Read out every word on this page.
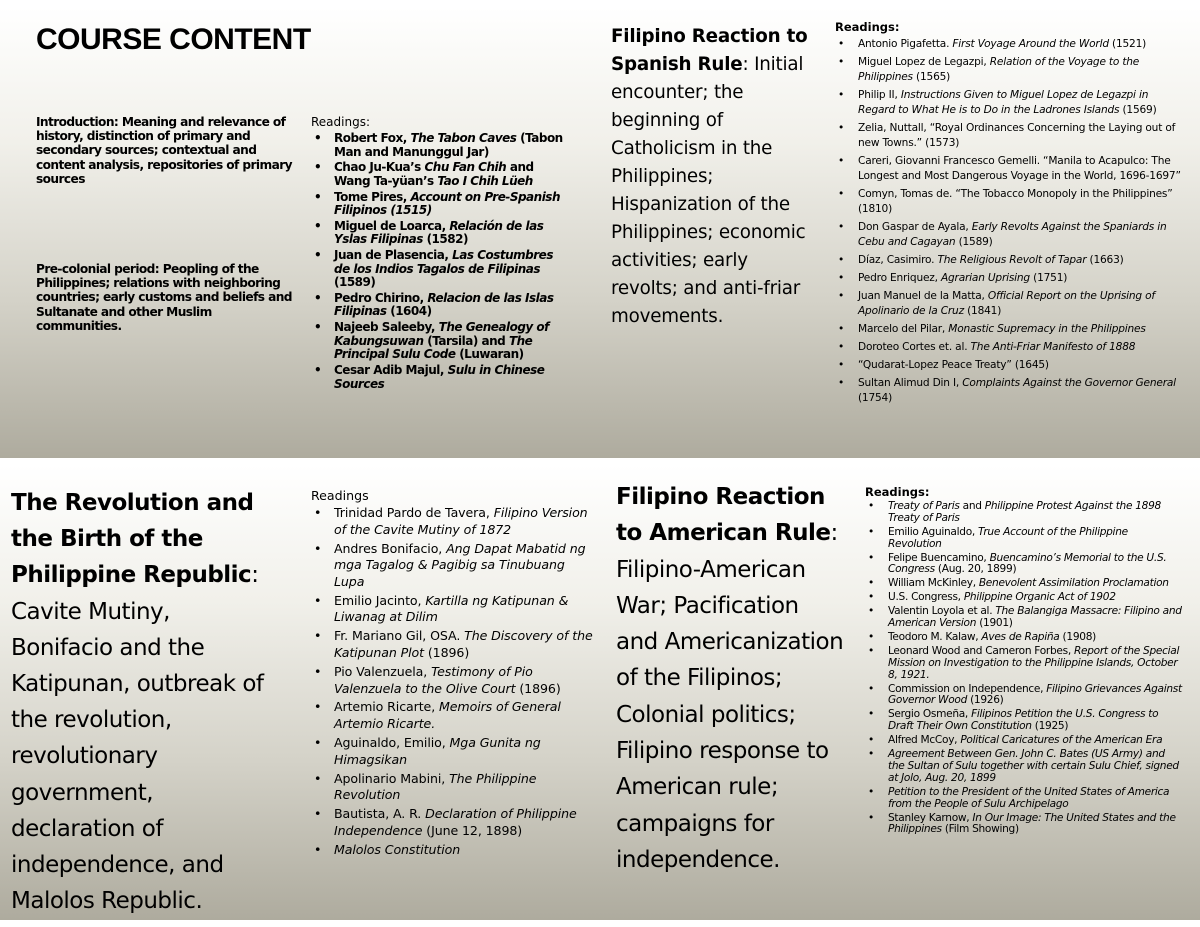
COURSE CONTENT
Introduction: Meaning and relevance of history, distinction of primary and secondary sources; contextual and content analysis, repositories of primary sources
Pre-colonial period: Peopling of the Philippines; relations with neighboring countries; early customs and beliefs and Sultanate and other Muslim communities.
Readings:
• Robert Fox, The Tabon Caves (Tabon Man and Manunggul Jar)
• Chao Ju-Kua’s Chu Fan Chih and Wang Ta-yüan’s Tao I Chih Lüeh
• Tome Pires, Account on Pre-Spanish Filipinos (1515)
• Miguel de Loarca, Relación de las Yslas Filipinas (1582)
• Juan de Plasencia, Las Costumbres de los Indios Tagalos de Filipinas (1589)
• Pedro Chirino, Relacion de las Islas Filipinas (1604)
• Najeeb Saleeby, The Genealogy of Kabungsuwan (Tarsila) and The Principal Sulu Code (Luwaran)
• Cesar Adib Majul, Sulu in Chinese Sources

Filipino Reaction to Spanish Rule: Initial encounter; the beginning of Catholicism in the Philippines; Hispanization of the Philippines; economic activities; early revolts; and anti-friar movements.

Readings:
• Antonio Pigafetta. First Voyage Around the World (1521)
• Miguel Lopez de Legazpi, Relation of the Voyage to the Philippines (1565)
• Philip II, Instructions Given to Miguel Lopez de Legazpi in Regard to What He is to Do in the Ladrones Islands (1569)
• Zelia, Nuttall, “Royal Ordinances Concerning the Laying out of new Towns.” (1573)
• Careri, Giovanni Francesco Gemelli. “Manila to Acapulco: The Longest and Most Dangerous Voyage in the World, 1696-1697”
• Comyn, Tomas de. “The Tobacco Monopoly in the Philippines” (1810)
• Don Gaspar de Ayala, Early Revolts Against the Spaniards in Cebu and Cagayan (1589)
• Díaz, Casimiro. The Religious Revolt of Tapar (1663)
• Pedro Enriquez, Agrarian Uprising (1751)
• Juan Manuel de la Matta, Official Report on the Uprising of Apolinario de la Cruz (1841)
• Marcelo del Pilar, Monastic Supremacy in the Philippines
• Doroteo Cortes et. al. The Anti-Friar Manifesto of 1888
• “Qudarat-Lopez Peace Treaty” (1645)
• Sultan Alimud Din I, Complaints Against the Governor General (1754)

The Revolution and the Birth of the Philippine Republic: Cavite Mutiny, Bonifacio and the Katipunan, outbreak of the revolution, revolutionary government, declaration of independence, and Malolos Republic.

Readings
• Trinidad Pardo de Tavera, Filipino Version of the Cavite Mutiny of 1872
• Andres Bonifacio, Ang Dapat Mabatid ng mga Tagalog & Pagibig sa Tinubuang Lupa
• Emilio Jacinto, Kartilla ng Katipunan & Liwanag at Dilim
• Fr. Mariano Gil, OSA. The Discovery of the Katipunan Plot (1896)
• Pio Valenzuela, Testimony of Pio Valenzuela to the Olive Court (1896)
• Artemio Ricarte, Memoirs of General Artemio Ricarte.
• Aguinaldo, Emilio, Mga Gunita ng Himagsikan
• Apolinario Mabini, The Philippine Revolution
• Bautista, A. R. Declaration of Philippine Independence (June 12, 1898)
• Malolos Constitution

Filipino Reaction to American Rule: Filipino-American War; Pacification and Americanization of the Filipinos; Colonial politics; Filipino response to American rule; campaigns for independence.

Readings:
• Treaty of Paris and Philippine Protest Against the 1898 Treaty of Paris
• Emilio Aguinaldo, True Account of the Philippine Revolution
• Felipe Buencamino, Buencamino’s Memorial to the U.S. Congress (Aug. 20, 1899)
• William McKinley, Benevolent Assimilation Proclamation
• U.S. Congress, Philippine Organic Act of 1902
• Valentin Loyola et al. The Balangiga Massacre: Filipino and American Version (1901)
• Teodoro M. Kalaw, Aves de Rapiña (1908)
• Leonard Wood and Cameron Forbes, Report of the Special Mission on Investigation to the Philippine Islands, October 8, 1921.
• Commission on Independence, Filipino Grievances Against Governor Wood (1926)
• Sergio Osmeña, Filipinos Petition the U.S. Congress to Draft Their Own Constitution (1925)
• Alfred McCoy, Political Caricatures of the American Era
• Agreement Between Gen. John C. Bates (US Army) and the Sultan of Sulu together with certain Sulu Chief, signed at Jolo, Aug. 20, 1899
• Petition to the President of the United States of America from the People of Sulu Archipelago
• Stanley Karnow, In Our Image: The United States and the Philippines (Film Showing)
